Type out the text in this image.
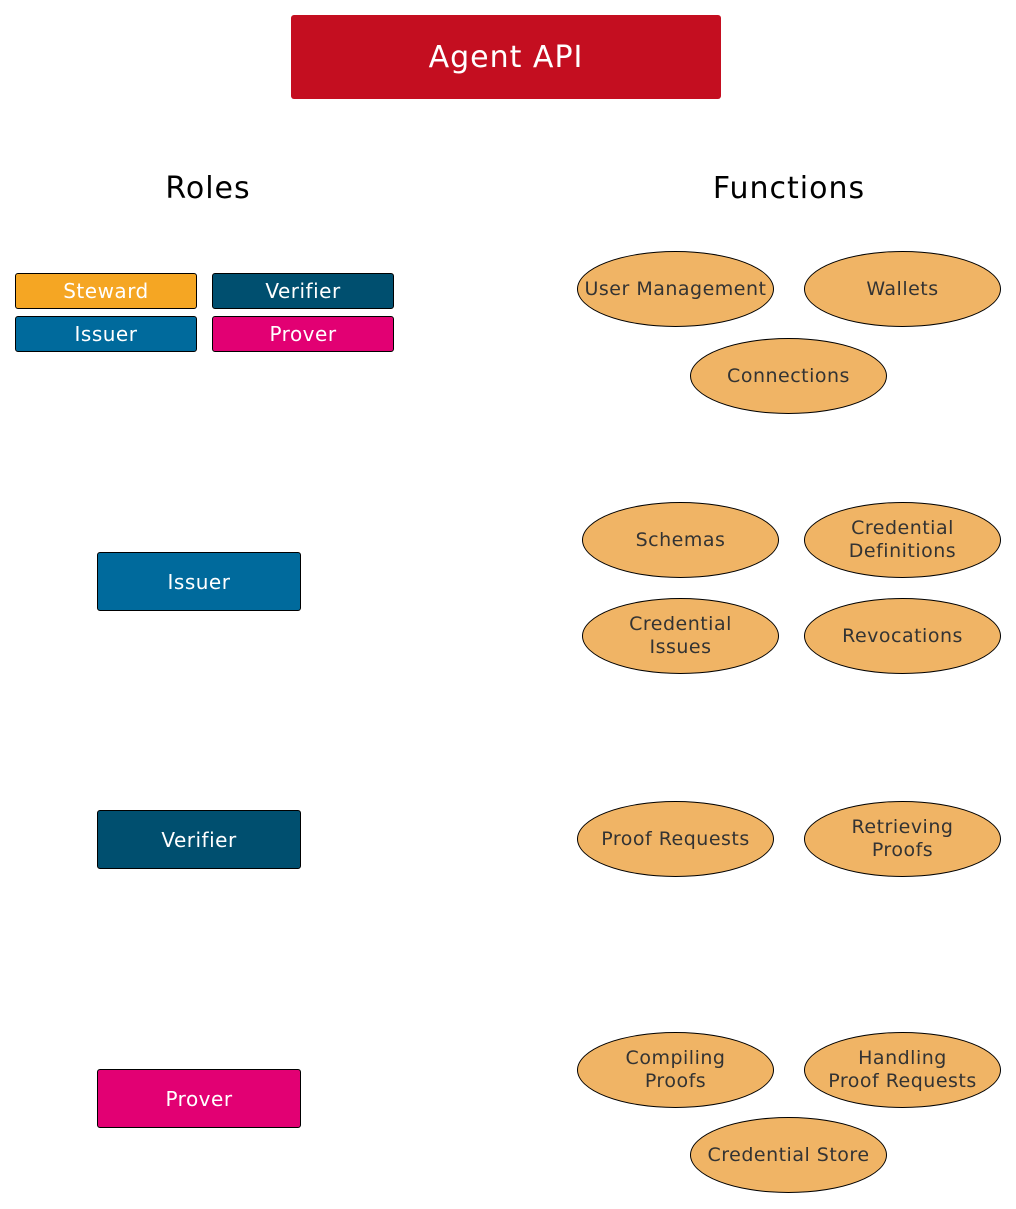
Agent API
Roles	Functions
Steward	Verifier
Issuer	Prover
Issuer
Verifier
Prover
User Management	Wallets
Connections
Schemas
Credential
Definitions
Credential
Issues
Revocations
Proof Requests
Retrieving
Proofs
Compiling
Proofs
Handling
Proof Requests
Credential Store
